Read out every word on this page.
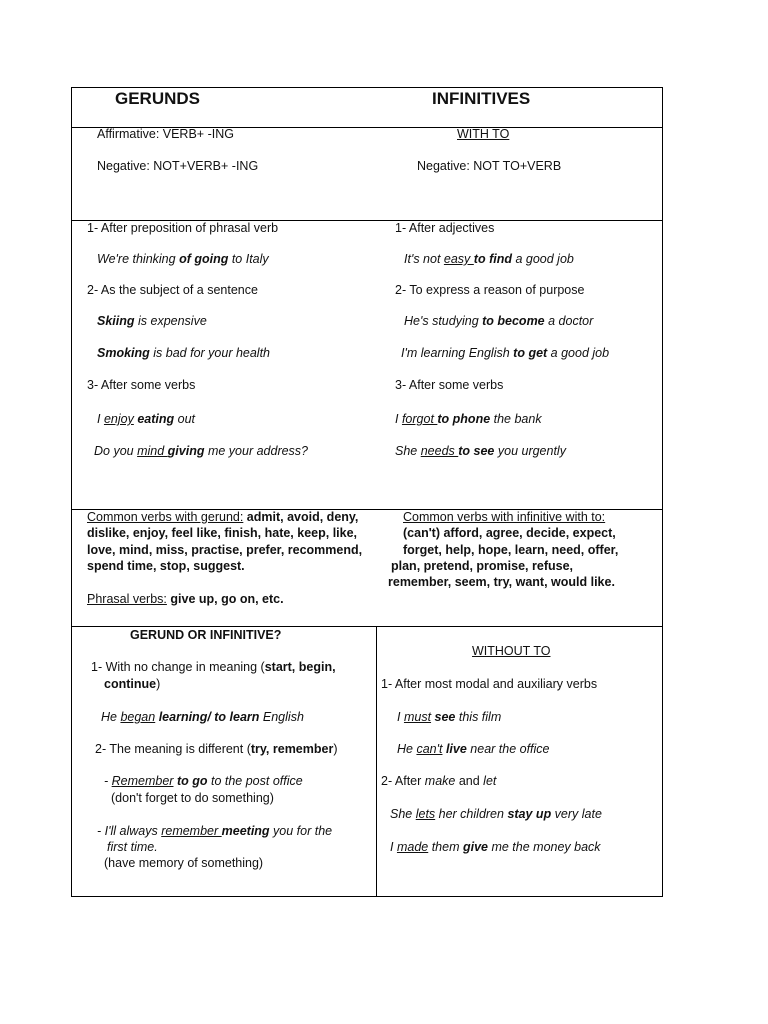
GERUNDS	INFINITIVES
Affirmative: VERB+ -ING
Negative: NOT+VERB+ -ING
WITH TO
Negative: NOT TO+VERB
1- After preposition of phrasal verb
We're thinking of going to Italy
2- As the subject of a sentence
Skiing is expensive
Smoking is bad for your health
3- After some verbs
I enjoy eating out
Do you mind giving me your address?
1- After adjectives
It's not easy to find a good job
2- To express a reason of purpose
He's studying to become a doctor
I'm learning English to get a good job
3- After some verbs
I forgot to phone the bank
She needs to see you urgently
Common verbs with gerund: admit, avoid, deny,
dislike, enjoy, feel like, finish, hate, keep, like,
love, mind, miss, practise, prefer, recommend,
spend time, stop, suggest.
Phrasal verbs: give up, go on, etc.
Common verbs with infinitive with to:
(can't) afford, agree, decide, expect,
forget, help, hope, learn, need, offer,
plan, pretend, promise, refuse,
remember, seem, try, want, would like.
GERUND OR INFINITIVE?
1- With no change in meaning (start, begin,
continue)
He began learning/ to learn English
2- The meaning is different (try, remember)
- Remember to go to the post office
(don't forget to do something)
- I'll always remember meeting you for the
first time.
(have memory of something)
WITHOUT TO
1- After most modal and auxiliary verbs
I must see this film
He can't live near the office
2- After make and let
She lets her children stay up very late
I made them give me the money back
